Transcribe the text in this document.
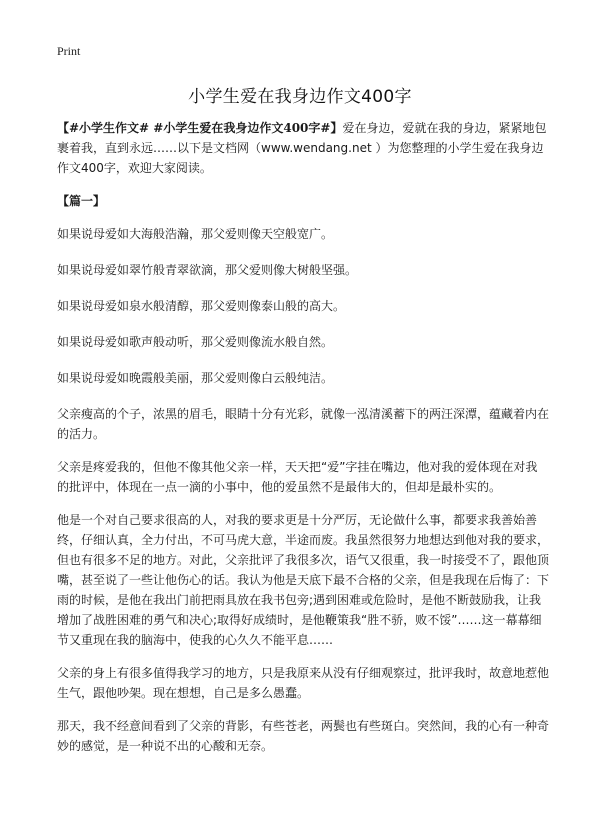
Print
小学生爱在我身边作文400字

【#小学生作文# #小学生爱在我身边作文400字#】爱在身边，爱就在我的身边，紧紧地包裹着我，直到永远……以下是文档网（www.wendang.net ）为您整理的小学生爱在我身边作文400字，欢迎大家阅读。

【篇一】

如果说母爱如大海般浩瀚，那父爱则像天空般宽广。

如果说母爱如翠竹般青翠欲滴，那父爱则像大树般坚强。

如果说母爱如泉水般清醇，那父爱则像泰山般的高大。

如果说母爱如歌声般动听，那父爱则像流水般自然。

如果说母爱如晚霞般美丽，那父爱则像白云般纯洁。

父亲瘦高的个子，浓黑的眉毛，眼睛十分有光彩，就像一泓清溪蓄下的两汪深潭，蕴藏着内在的活力。

父亲是疼爱我的，但他不像其他父亲一样，天天把“爱”字挂在嘴边，他对我的爱体现在对我的批评中，体现在一点一滴的小事中，他的爱虽然不是最伟大的，但却是最朴实的。

他是一个对自己要求很高的人，对我的要求更是十分严厉，无论做什么事，都要求我善始善终，仔细认真，全力付出，不可马虎大意，半途而废。我虽然很努力地想达到他对我的要求，但也有很多不足的地方。对此，父亲批评了我很多次，语气又很重，我一时接受不了，跟他顶嘴，甚至说了一些让他伤心的话。我认为他是天底下最不合格的父亲，但是我现在后悔了：下雨的时候，是他在我出门前把雨具放在我书包旁;遇到困难或危险时，是他不断鼓励我，让我增加了战胜困难的勇气和决心;取得好成绩时，是他鞭策我“胜不骄，败不馁”……这一幕幕细节又重现在我的脑海中，使我的心久久不能平息……

父亲的身上有很多值得我学习的地方，只是我原来从没有仔细观察过，批评我时，故意地惹他生气，跟他吵架。现在想想，自己是多么愚蠢。

那天，我不经意间看到了父亲的背影，有些苍老，两鬓也有些斑白。突然间，我的心有一种奇妙的感觉，是一种说不出的心酸和无奈。
